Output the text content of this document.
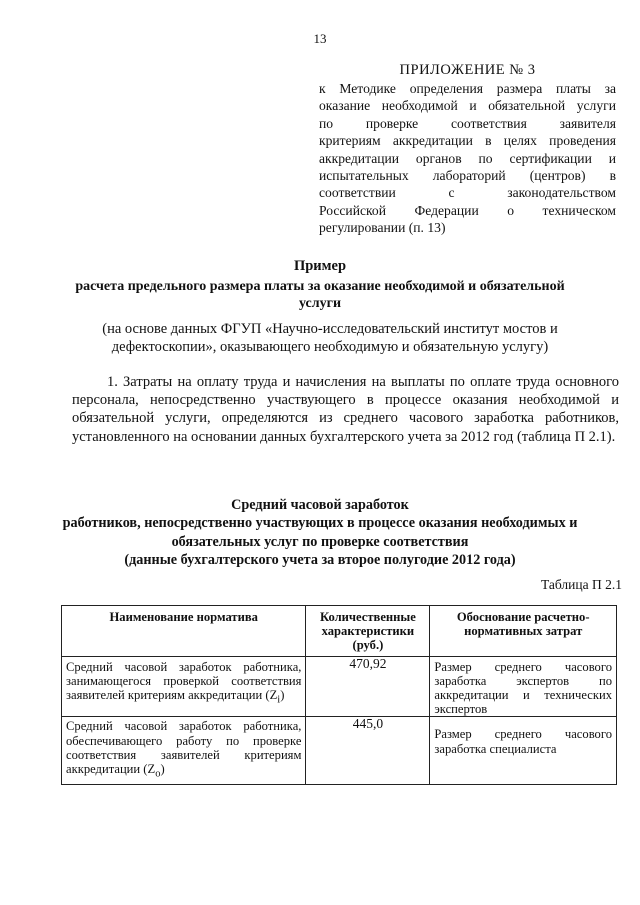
13
ПРИЛОЖЕНИЕ № 3
к Методике определения размера платы за
оказание необходимой и обязательной услуги
по проверке соответствия заявителя
критериям аккредитации в целях проведения
аккредитации органов по сертификации и
испытательных лабораторий (центров) в
соответствии с законодательством
Российской Федерации о техническом
регулировании (п. 13)
Пример
расчета предельного размера платы за оказание необходимой и обязательной услуги
(на основе данных ФГУП «Научно-исследовательский институт мостов и дефектоскопии», оказывающего необходимую и обязательную услугу)
1. Затраты на оплату труда и начисления на выплаты по оплате труда основного персонала, непосредственно участвующего в процессе оказания необходимой и обязательной услуги, определяются из среднего часового заработка работников, установленного на основании данных бухгалтерского учета за 2012 год (таблица П 2.1).
Средний часовой заработок
работников, непосредственно участвующих в процессе оказания необходимых и обязательных услуг по проверке соответствия
(данные бухгалтерского учета за второе полугодие 2012 года)
Таблица П 2.1
Наименование норматива	Количественные характеристики (руб.)	Обоснование расчетно-нормативных затрат
Средний часовой заработок работника, занимающегося проверкой соответствия заявителей критериям аккредитации $(Z_i)$	470,92	Размер среднего часового заработка экспертов по аккредитации и технических экспертов
Средний часовой заработок работника, обеспечивающего работу по проверке соответствия заявителей критериям аккредитации $(Z_o)$	445,0	Размер среднего часового заработка специалиста
